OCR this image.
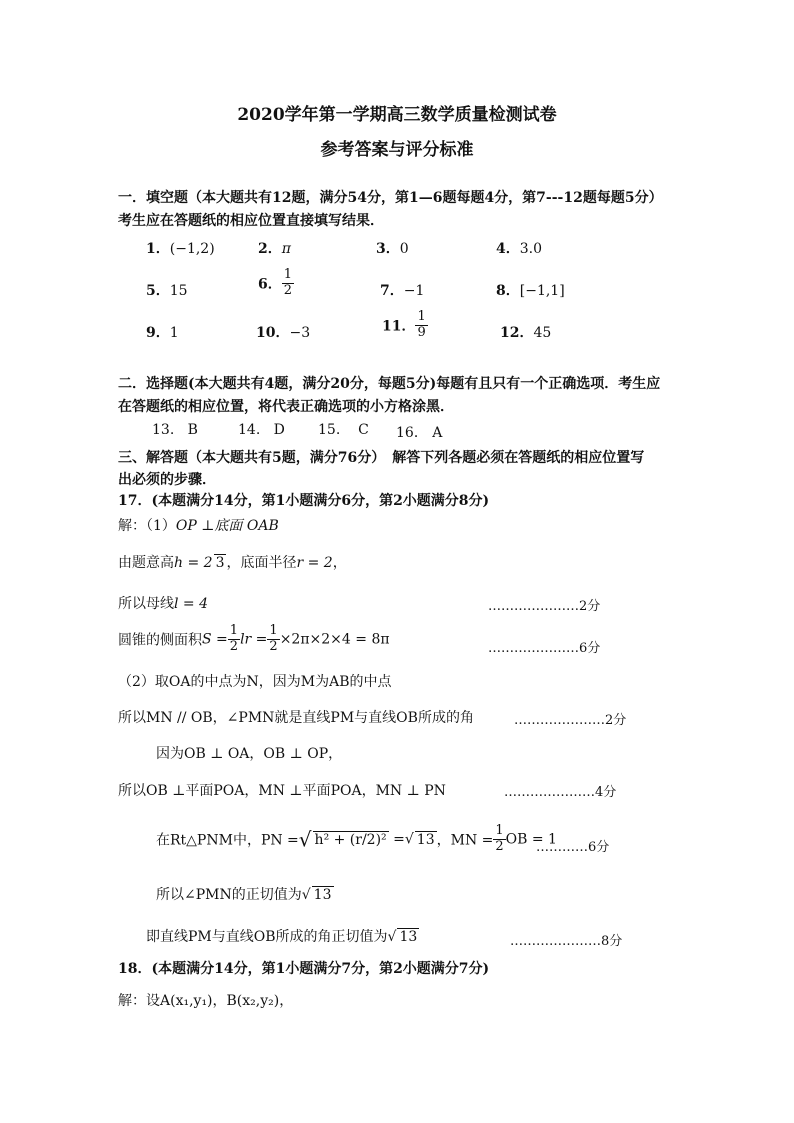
2020学年第一学期高三数学质量检测试卷
参考答案与评分标准
一．填空题（本大题共有12题，满分54分，第1—6题每题4分，第7---12题每题5分）
考生应在答题纸的相应位置直接填写结果．
1．(−1,2)	2．π	3．0	4．3.0
5．15	6． $\frac{1}{2}$	7．−1	8．[−1,1]
9．1	10．−3	11． $\frac{1}{9}$	12．45
二．选择题(本大题共有4题，满分20分，每题5分)每题有且只有一个正确选项．考生应
在答题纸的相应位置，将代表正确选项的小方格涂黑．
13. B	14. D 15. C 16． A
三、解答题（本大题共有5题，满分76分）　解答下列各题必须在答题纸的相应位置写
出必须的步骤．
17．(本题满分14分，第1小题满分6分，第2小题满分8分)
解：（1）OP ⊥底面 OAB
由题意高h = 2 3 ，底面半径r = 2，
所以母线l = 4	…………………2分
圆锥的侧面积$S = \frac{1}{2}$ lr = $\frac{1}{2} \times 2\pi\times 2\times 4 = 8\pi$
…………………6分
（2）取OA的中点为N，因为M为AB的中点
所以MN // OB，∠PMN就是直线PM与直线OB所成的角	…………………2分
因为OB ⊥ OA，OB ⊥ OP，
所以OB ⊥平面POA，MN ⊥平面POA，MN ⊥ PN	…………………4分
在Rt△PNM中，PN =√ h² + (r/2)² =√ 13 ，MN = $\frac{1}{2}$ OB = 1
…………6分
所以∠PMN的正切值为√ 13
即直线PM与直线OB所成的角正切值为√ 13	…………………8分
18．(本题满分14分，第1小题满分7分，第2小题满分7分)
解：设A(x₁,y₁)，B(x₂,y₂)，
